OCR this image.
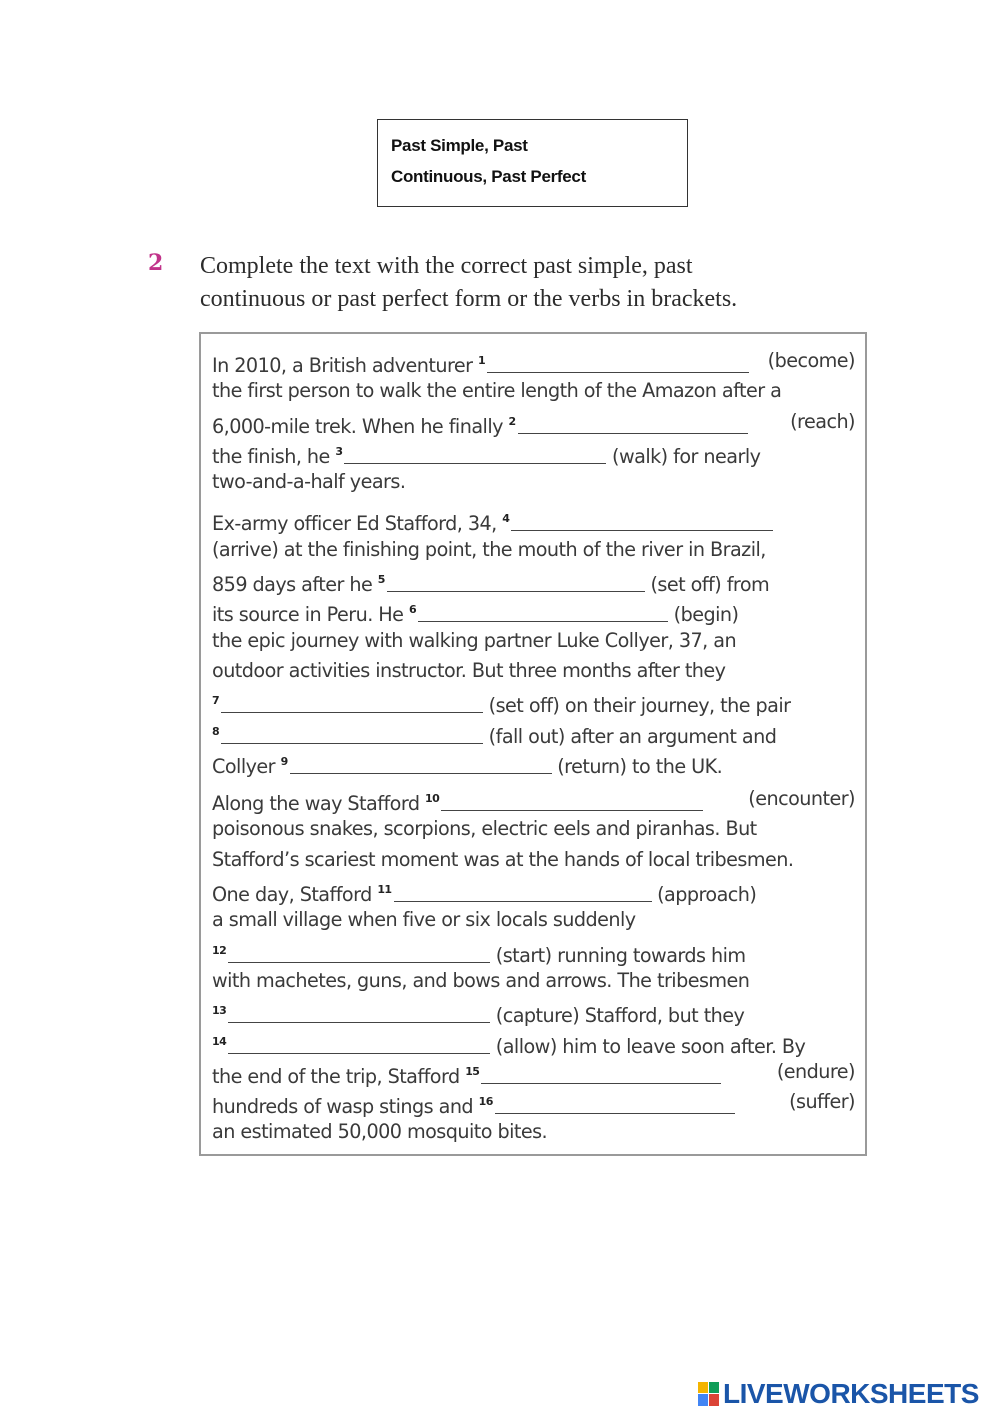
Past Simple, Past
Continuous, Past Perfect
2 Complete the text with the correct past simple, past
continuous or past perfect form or the verbs in brackets.
In 2010, a British adventurer $^1$	(become)
the first person to walk the entire length of the Amazon after a
6,000-mile trek. When he finally $^2$	(reach)
the finish, he $^3$	(walk) for nearly
two-and-a-half years.
Ex-army officer Ed Stafford, 34, $^4$
(arrive) at the finishing point, the mouth of the river in Brazil,
859 days after he $^5$	(set off) from
its source in Peru. He $^6$	(begin)
the epic journey with walking partner Luke Collyer, 37, an
outdoor activities instructor. But three months after they
$^7$	(set off) on their journey, the pair
$^8$	(fall out) after an argument and
Collyer $^9$	(return) to the UK.
Along the way Stafford $^{10}$	(encounter)
poisonous snakes, scorpions, electric eels and piranhas. But
Stafford’s scariest moment was at the hands of local tribesmen.
One day, Stafford $^{11}$	(approach)
a small village when five or six locals suddenly
$^{12}$	(start) running towards him
with machetes, guns, and bows and arrows. The tribesmen
$^{13}$	(capture) Stafford, but they
$^{14}$	(allow) him to leave soon after. By
the end of the trip, Stafford $^{15}$	(endure)
hundreds of wasp stings and $^{16}$	(suffer)
an estimated 50,000 mosquito bites.
LIVEWORKSHEETS
